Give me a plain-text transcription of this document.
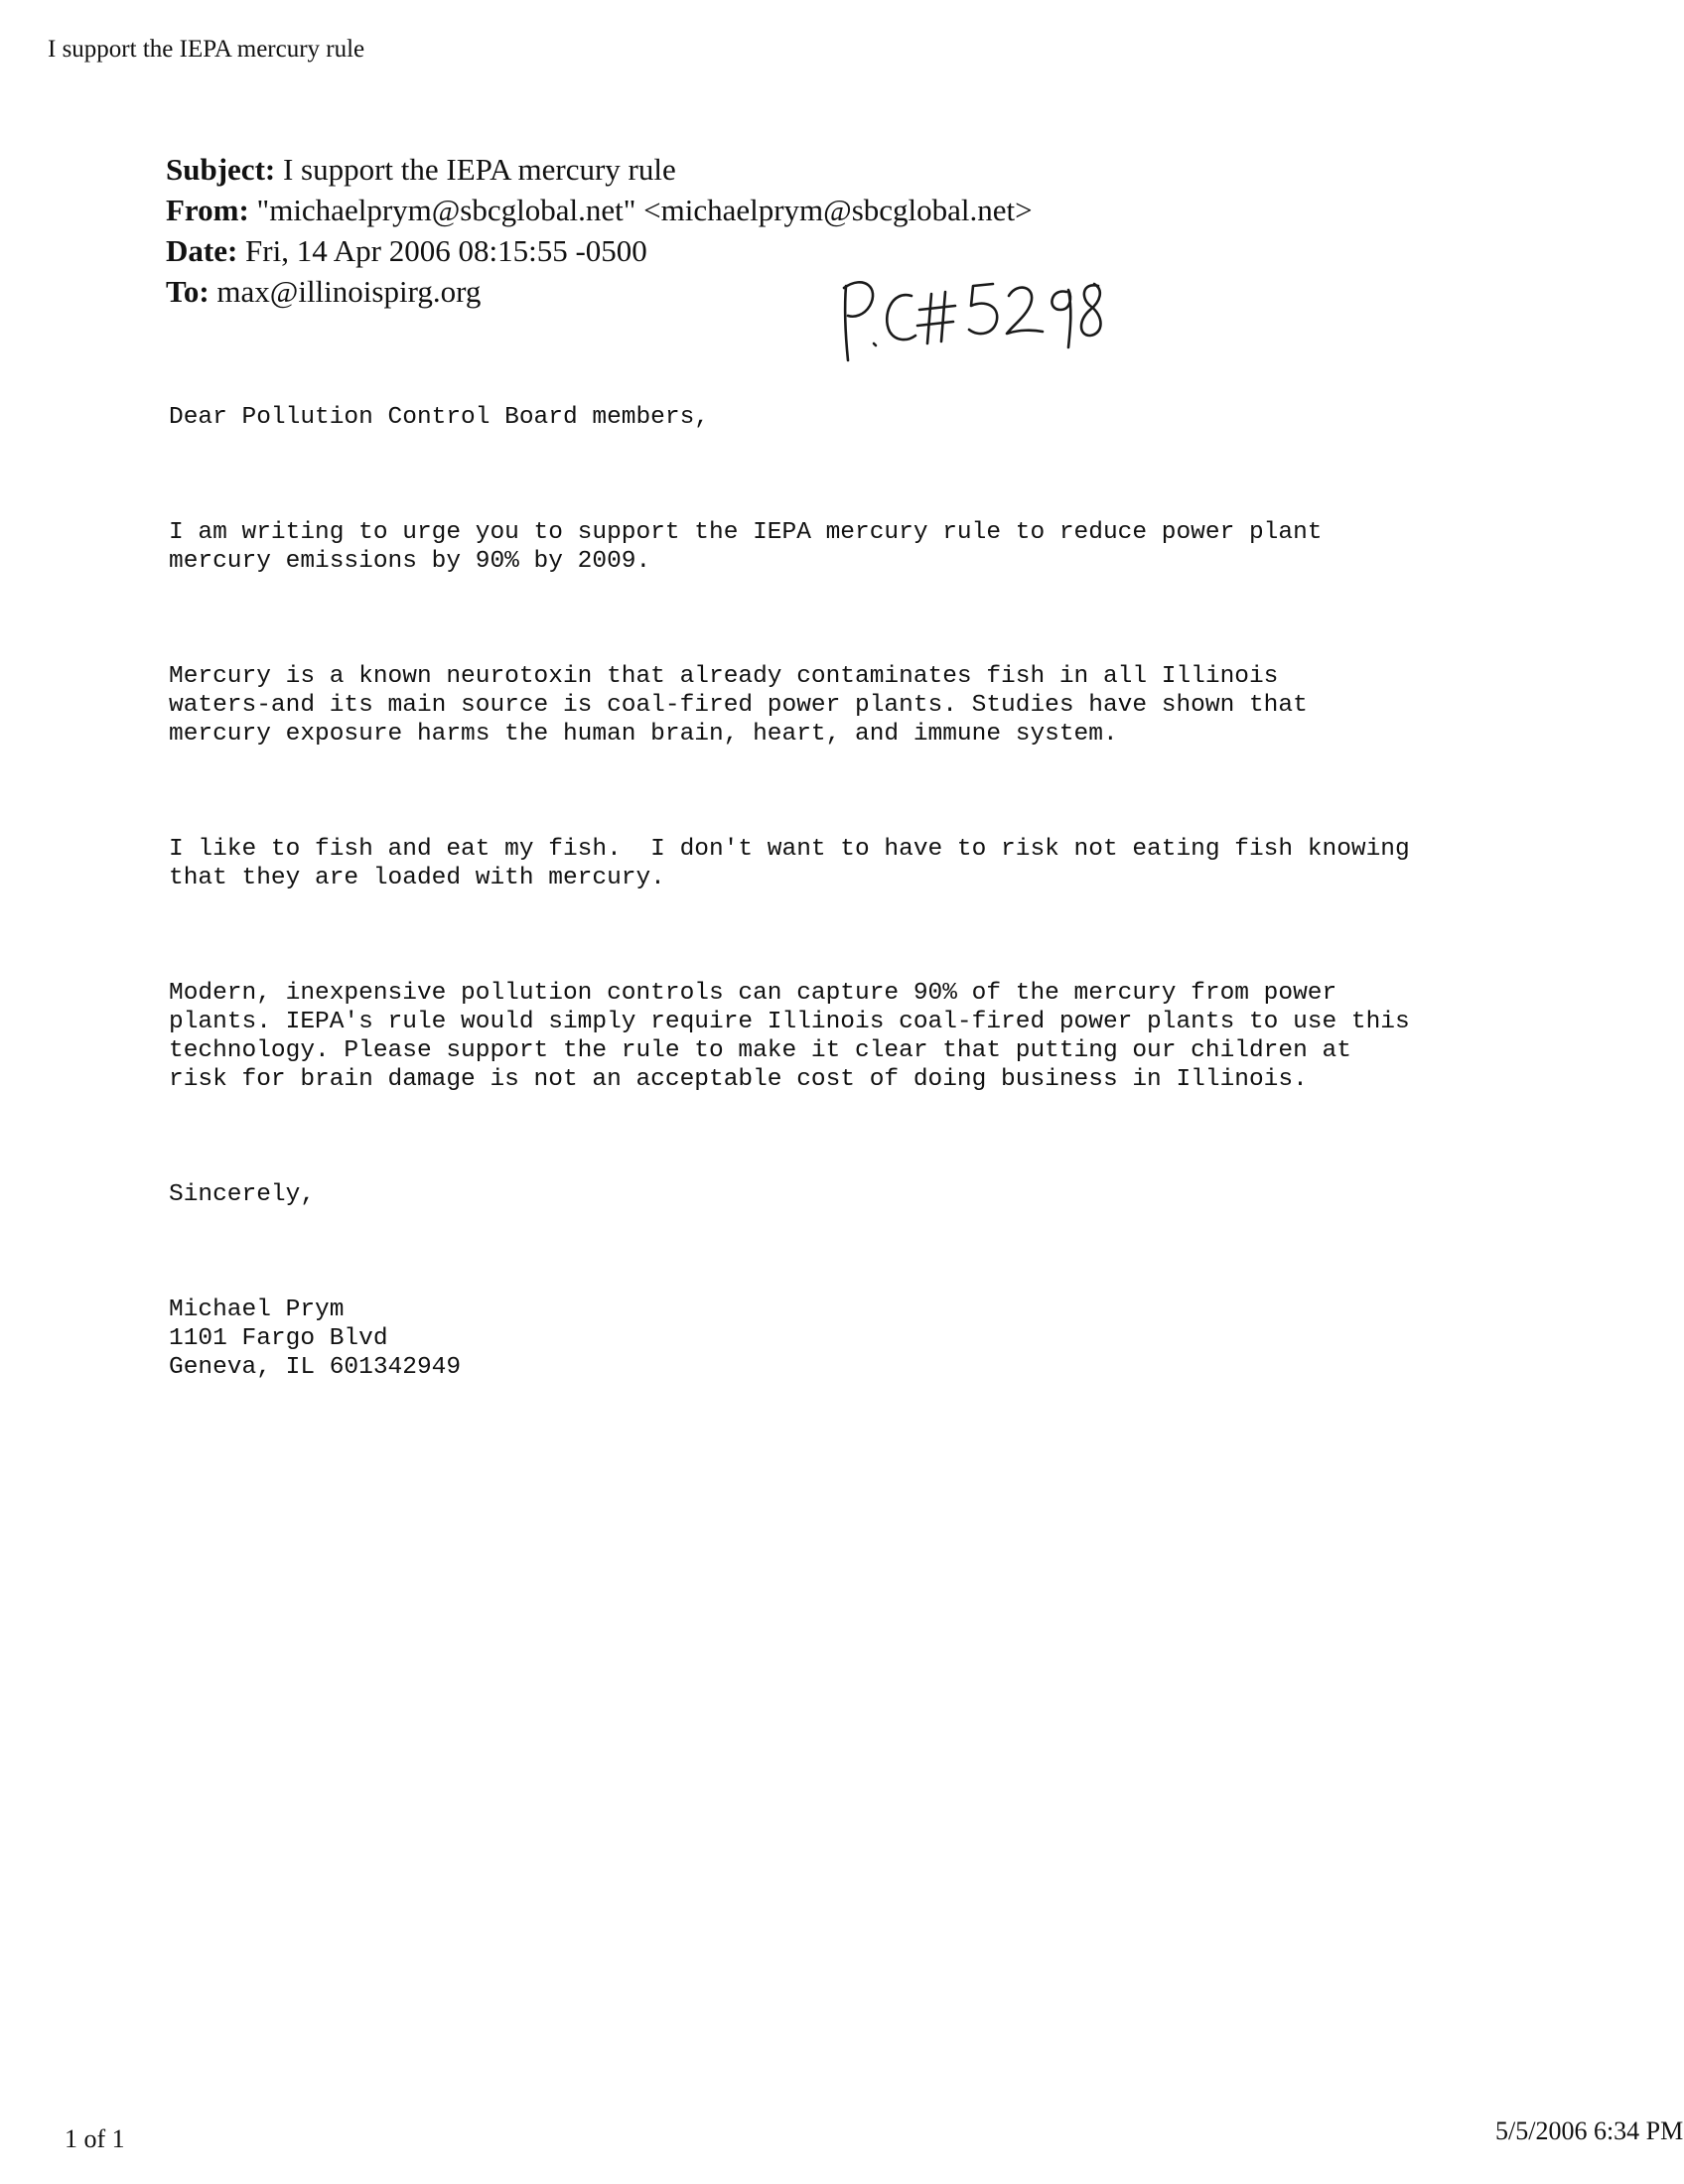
I support the IEPA mercury rule
Subject: I support the IEPA mercury rule
From: "michaelprym@sbcglobal.net" <michaelprym@sbcglobal.net>
Date: Fri, 14 Apr 2006 08:15:55 -0500
To: max@illinoispirg.org

Dear Pollution Control Board members,

I am writing to urge you to support the IEPA mercury rule to reduce power plant
mercury emissions by 90% by 2009.

Mercury is a known neurotoxin that already contaminates fish in all Illinois
waters-and its main source is coal-fired power plants. Studies have shown that
mercury exposure harms the human brain, heart, and immune system.

I like to fish and eat my fish.  I don't want to have to risk not eating fish knowing
that they are loaded with mercury.

Modern, inexpensive pollution controls can capture 90% of the mercury from power
plants. IEPA's rule would simply require Illinois coal-fired power plants to use this
technology. Please support the rule to make it clear that putting our children at
risk for brain damage is not an acceptable cost of doing business in Illinois.

Sincerely,

Michael Prym
1101 Fargo Blvd
Geneva, IL 601342949

1 of 1	5/5/2006 6:34 PM
